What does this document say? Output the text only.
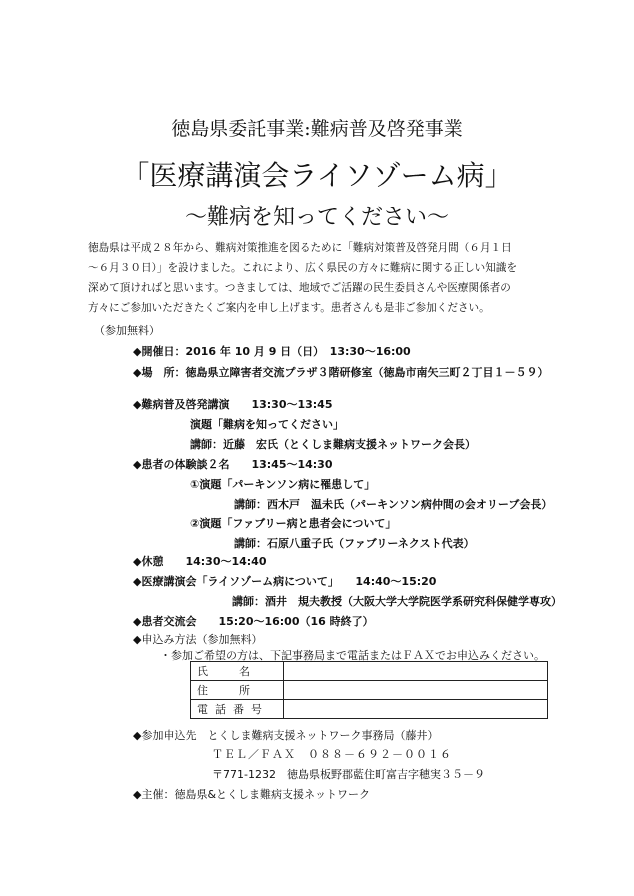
徳島県委託事業:難病普及啓発事業
「医療講演会ライソゾーム病」
〜難病を知ってください〜

徳島県は平成２８年から、難病対策推進を図るために「難病対策普及啓発月間（６月１日

〜６月３０日）」を設けました。これにより、広く県民の方々に難病に関する正しい知識を

深めて頂ければと思います。つきましては、地域でご活躍の民生委員さんや医療関係者の

方々にご参加いただきたくご案内を申し上げます。患者さんも是非ご参加ください。

（参加無料）
◆開催日：2016 年 10 月 9 日（日）　13:30〜16:00
◆場　所：徳島県立障害者交流プラザ３階研修室（徳島市南矢三町２丁目１－５９）
◆難病普及啓発講演　　13:30〜13:45
演題「難病を知ってください」
講師：近藤　宏氏（とくしま難病支援ネットワーク会長）
◆患者の体験談２名　　13:45〜14:30
①演題「パーキンソン病に罹患して」
講師：西木戸　温未氏（パーキンソン病仲間の会オリーブ会長）
②演題「ファブリー病と患者会について」
講師：石原八重子氏（ファブリーネクスト代表）
◆休憩　　14:30〜14:40
◆医療講演会「ライソゾーム病について」　　14:40〜15:20
講師：酒井　規夫教授（大阪大学大学院医学系研究科保健学専攻）
◆患者交流会　　15:20〜16:00（16 時終了）
◆申込み方法（参加無料）
・参加ご希望の方は、下記事務局まで電話またはＦＡＸでお申込みください。
氏　名	
住　所	
電話番号	
◆参加申込先　とくしま難病支援ネットワーク事務局（藤井）
ＴＥＬ／ＦＡＸ　０８８－６９２－００１６
〒771-1232　徳島県板野郡藍住町富吉字穂実３５－９
◆主催：徳島県&とくしま難病支援ネットワーク
